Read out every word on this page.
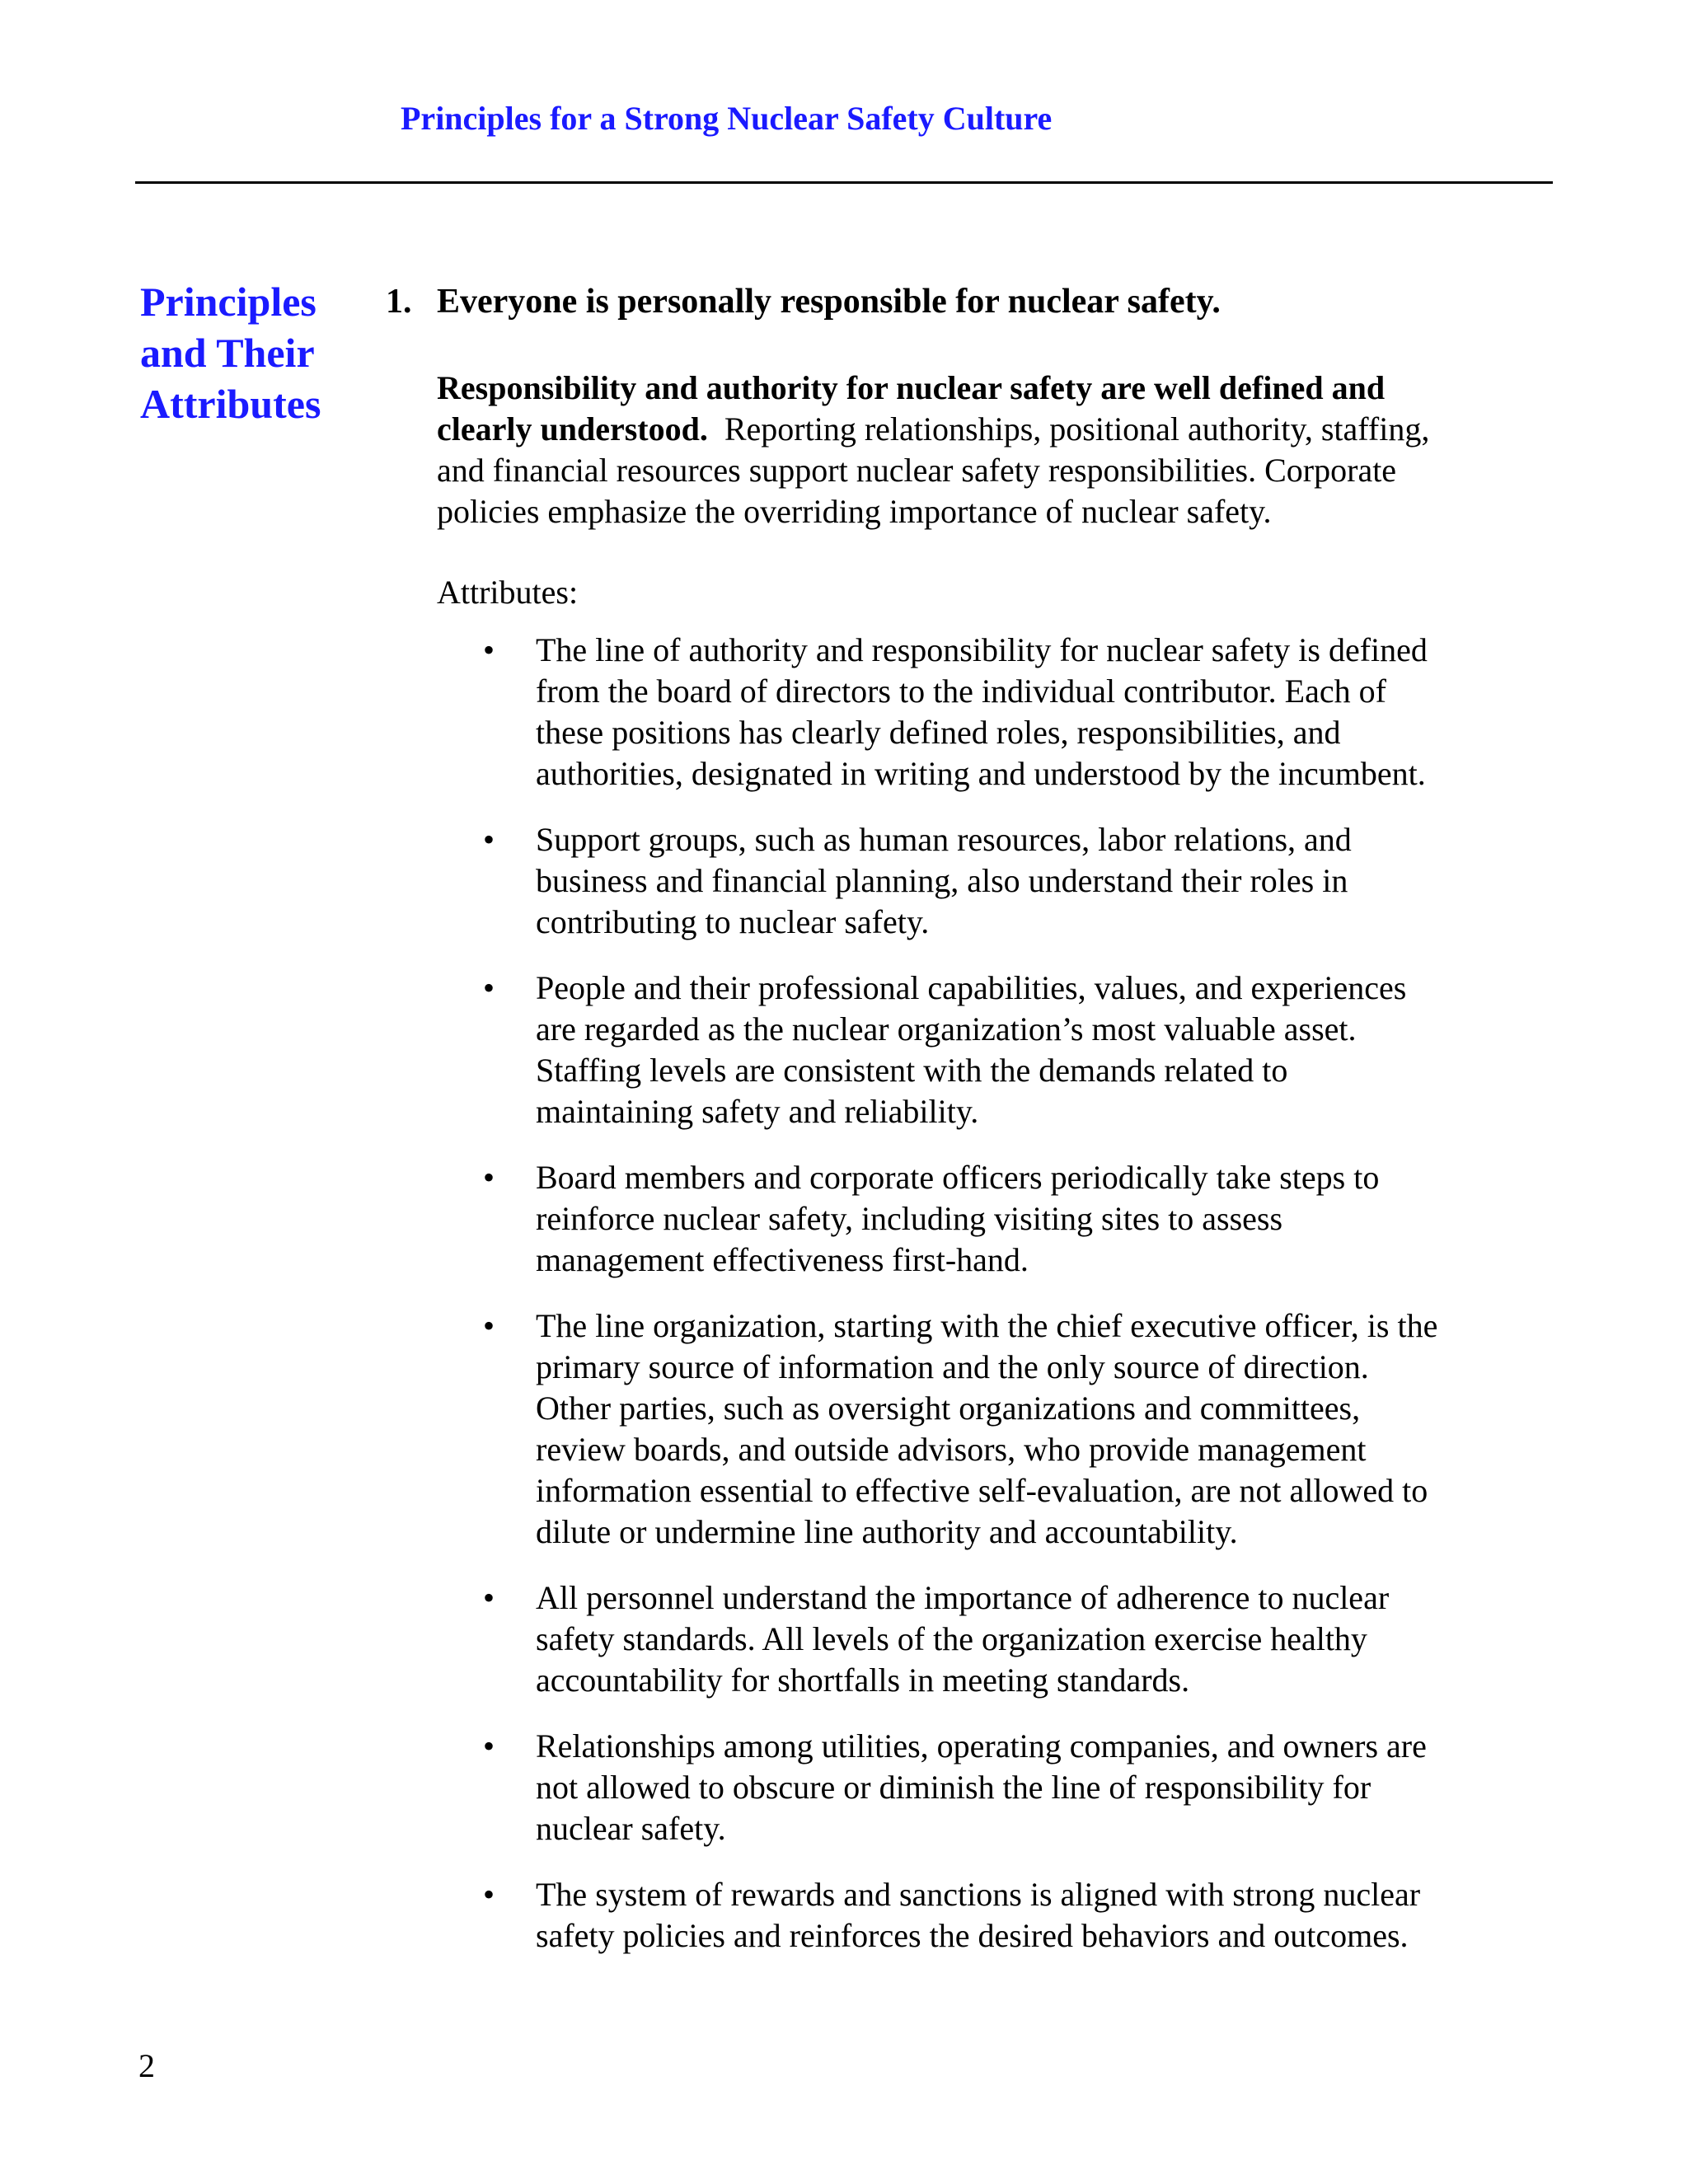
Principles for a Strong Nuclear Safety Culture
Principles
and Their
Attributes

1. Everyone is personally responsible for nuclear safety.

Responsibility and authority for nuclear safety are well defined and
clearly understood. Reporting relationships, positional authority, staffing,
and financial resources support nuclear safety responsibilities. Corporate
policies emphasize the overriding importance of nuclear safety.

Attributes:
• The line of authority and responsibility for nuclear safety is defined
from the board of directors to the individual contributor. Each of
these positions has clearly defined roles, responsibilities, and
authorities, designated in writing and understood by the incumbent.
• Support groups, such as human resources, labor relations, and
business and financial planning, also understand their roles in
contributing to nuclear safety.
• People and their professional capabilities, values, and experiences
are regarded as the nuclear organization’s most valuable asset.
Staffing levels are consistent with the demands related to
maintaining safety and reliability.
• Board members and corporate officers periodically take steps to
reinforce nuclear safety, including visiting sites to assess
management effectiveness first-hand.
• The line organization, starting with the chief executive officer, is the
primary source of information and the only source of direction.
Other parties, such as oversight organizations and committees,
review boards, and outside advisors, who provide management
information essential to effective self-evaluation, are not allowed to
dilute or undermine line authority and accountability.
• All personnel understand the importance of adherence to nuclear
safety standards. All levels of the organization exercise healthy
accountability for shortfalls in meeting standards.
• Relationships among utilities, operating companies, and owners are
not allowed to obscure or diminish the line of responsibility for
nuclear safety.
• The system of rewards and sanctions is aligned with strong nuclear
safety policies and reinforces the desired behaviors and outcomes.
2
